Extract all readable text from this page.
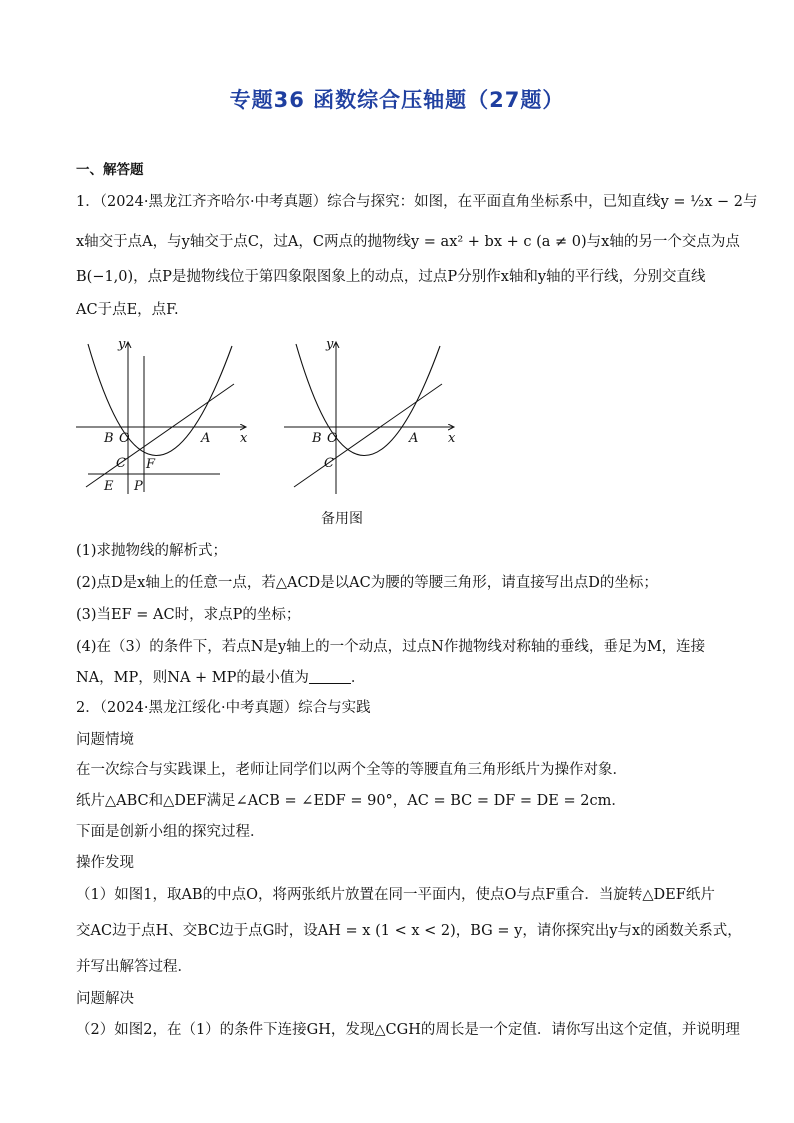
专题36 函数综合压轴题（27题）
一、解答题
1．（2024·黑龙江齐齐哈尔·中考真题）综合与探究：如图，在平面直角坐标系中，已知直线y = ½x − 2与
x轴交于点A，与y轴交于点C，过A，C两点的抛物线y = ax² + bx + c (a ≠ 0)与x轴的另一个交点为点
B(−1,0)，点P是抛物线位于第四象限图象上的动点，过点P分别作x轴和y轴的平行线，分别交直线
AC于点E，点F.
x
y
B O	A
C F
E P
x
y
B O	A
C
备用图
(1)求抛物线的解析式；
(2)点D是x轴上的任意一点，若△ACD是以AC为腰的等腰三角形，请直接写出点D的坐标；
(3)当EF = AC时，求点P的坐标；
(4)在（3）的条件下，若点N是y轴上的一个动点，过点N作抛物线对称轴的垂线，垂足为M，连接
NA，MP，则NA + MP的最小值为	．
2．（2024·黑龙江绥化·中考真题）综合与实践
问题情境
在一次综合与实践课上，老师让同学们以两个全等的等腰直角三角形纸片为操作对象．
纸片△ABC和△DEF满足∠ACB = ∠EDF = 90°，AC = BC = DF = DE = 2cm．
下面是创新小组的探究过程．
操作发现
（1）如图1，取AB的中点O，将两张纸片放置在同一平面内，使点O与点F重合．当旋转△DEF纸片
交AC边于点H、交BC边于点G时，设AH = x (1 < x < 2)，BG = y，请你探究出y与x的函数关系式，
并写出解答过程．
问题解决
（2）如图2，在（1）的条件下连接GH，发现△CGH的周长是一个定值．请你写出这个定值，并说明理
